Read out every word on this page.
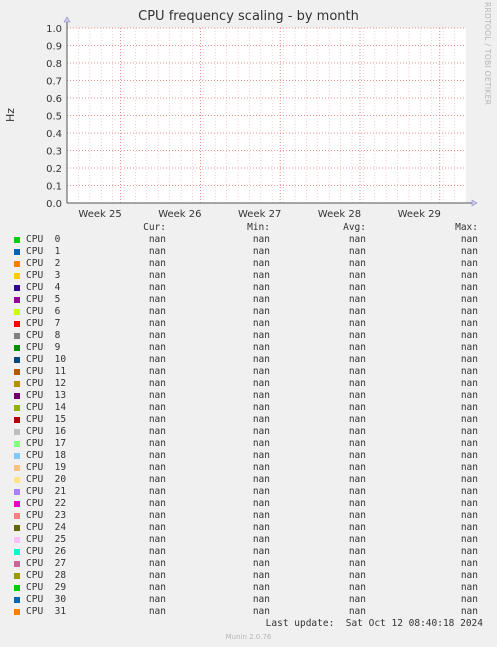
CPU frequency scaling - by month	RRDTOOL / TOBI OETIKER
Hz
0.0
0.1
0.2
0.3
0.4
0.5
0.6
0.7
0.8
0.9
1.0
Week 25	Week 26	Week 27	Week 28	Week 29
Cur:	Min:	Avg:	Max:
CPU  0	nan	nan	nan	nan
CPU  1	nan	nan	nan	nan
CPU  2	nan	nan	nan	nan
CPU  3	nan	nan	nan	nan
CPU  4	nan	nan	nan	nan
CPU  5	nan	nan	nan	nan
CPU  6	nan	nan	nan	nan
CPU  7	nan	nan	nan	nan
CPU  8	nan	nan	nan	nan
CPU  9	nan	nan	nan	nan
CPU  10	nan	nan	nan	nan
CPU  11	nan	nan	nan	nan
CPU  12	nan	nan	nan	nan
CPU  13	nan	nan	nan	nan
CPU  14	nan	nan	nan	nan
CPU  15	nan	nan	nan	nan
CPU  16	nan	nan	nan	nan
CPU  17	nan	nan	nan	nan
CPU  18	nan	nan	nan	nan
CPU  19	nan	nan	nan	nan
CPU  20	nan	nan	nan	nan
CPU  21	nan	nan	nan	nan
CPU  22	nan	nan	nan	nan
CPU  23	nan	nan	nan	nan
CPU  24	nan	nan	nan	nan
CPU  25	nan	nan	nan	nan
CPU  26	nan	nan	nan	nan
CPU  27	nan	nan	nan	nan
CPU  28	nan	nan	nan	nan
CPU  29	nan	nan	nan	nan
CPU  30	nan	nan	nan	nan
CPU  31	nan	nan	nan	nan
Last update:  Sat Oct 12 08:40:18 2024
Munin 2.0.76
